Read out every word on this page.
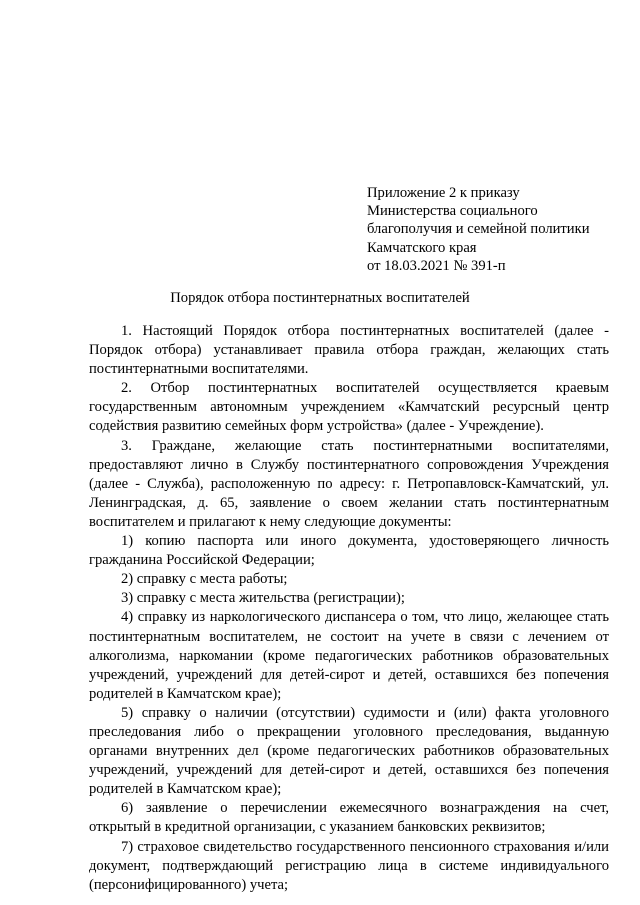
Приложение 2 к приказу
Министерства социального
благополучия и семейной политики
Камчатского края
от 18.03.2021 № 391-п
Порядок отбора постинтернатных воспитателей

1. Настоящий Порядок отбора постинтернатных воспитателей (далее - Порядок отбора) устанавливает правила отбора граждан, желающих стать постинтернатными воспитателями.

2. Отбор постинтернатных воспитателей осуществляется краевым государственным автономным учреждением «Камчатский ресурсный центр содействия развитию семейных форм устройства» (далее - Учреждение).

3. Граждане, желающие стать постинтернатными воспитателями, предоставляют лично в Службу постинтернатного сопровождения Учреждения (далее - Служба), расположенную по адресу: г. Петропавловск-Камчатский, ул. Ленинградская, д. 65, заявление о своем желании стать постинтернатным воспитателем и прилагают к нему следующие документы:

1) копию паспорта или иного документа, удостоверяющего личность гражданина Российской Федерации;

2) справку с места работы;

3) справку с места жительства (регистрации);

4) справку из наркологического диспансера о том, что лицо, желающее стать постинтернатным воспитателем, не состоит на учете в связи с лечением от алкоголизма, наркомании (кроме педагогических работников образовательных учреждений, учреждений для детей-сирот и детей, оставшихся без попечения родителей в Камчатском крае);

5) справку о наличии (отсутствии) судимости и (или) факта уголовного преследования либо о прекращении уголовного преследования, выданную органами внутренних дел (кроме педагогических работников образовательных учреждений, учреждений для детей-сирот и детей, оставшихся без попечения родителей в Камчатском крае);

6) заявление о перечислении ежемесячного вознаграждения на счет, открытый в кредитной организации, с указанием банковских реквизитов;

7) страховое свидетельство государственного пенсионного страхования и/или документ, подтверждающий регистрацию лица в системе индивидуального (персонифицированного) учета;
